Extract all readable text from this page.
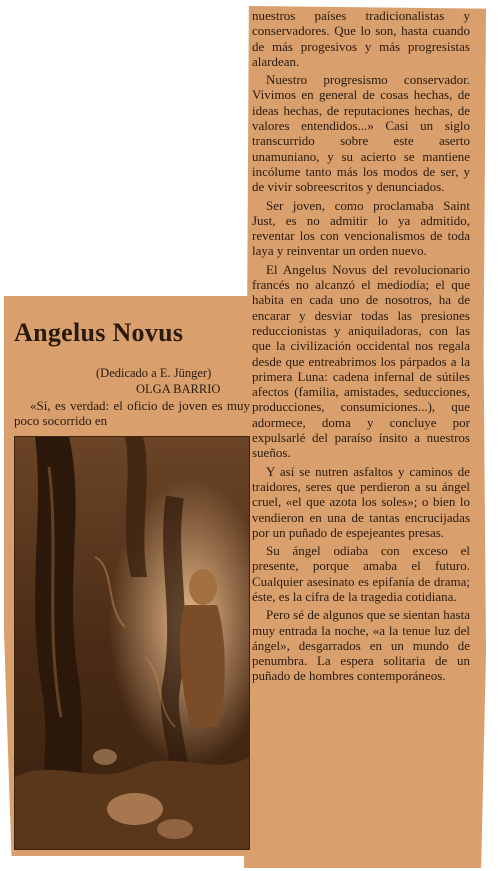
nuestros países tradicionalistas y conservadores. Que lo son, hasta cuando de más progesivos y más progresistas alardean.

Nuestro progresismo conservador. Vivimos en general de cosas hechas, de ideas hechas, de reputaciones hechas, de valores entendidos...» Casi un siglo transcurrido sobre este aserto unamuniano, y su acierto se mantiene incólume tanto más los modos de ser, y de vivir sobreescritos y denunciados.

Ser joven, como proclamaba Saint Just, es no admitir lo ya admitido, reventar los con vencionalismos de toda laya y reinventar un orden nuevo.

El Angelus Novus del revolucionario francés no alcanzó el mediodía; el que habita en cada uno de nosotros, ha de encarar y desviar todas las presiones reduccionistas y aniquiladoras, con las que la civilización occidental nos regala desde que entreabrimos los párpados a la primera Luna: cadena infernal de sútiles afectos (familia, amistades, seducciones, producciones, consumiciones...), que adormece, doma y concluye por expulsarlé del paraíso ínsito a nuestros sueños.

Y así se nutren asfaltos y caminos de traidores, seres que perdieron a su ángel cruel, «el que azota los soles»; o bien lo vendieron en una de tantas encrucijadas por un puñado de espejeantes presas.

Su ángel odiaba con exceso el presente, porque amaba el futuro. Cualquier asesinato es epifanía de drama; éste, es la cifra de la tragedia cotidiana.

Pero sé de algunos que se sientan hasta muy entrada la noche, «a la tenue luz del ángel», desgarrados en un mundo de penumbra. La espera solitaria de un puñado de hombres contemporáneos.

Angelus Novus
(Dedicado a E. Jünger)
OLGA BARRIO

«Sí, es verdad: el oficio de joven es muy poco socorrido en
